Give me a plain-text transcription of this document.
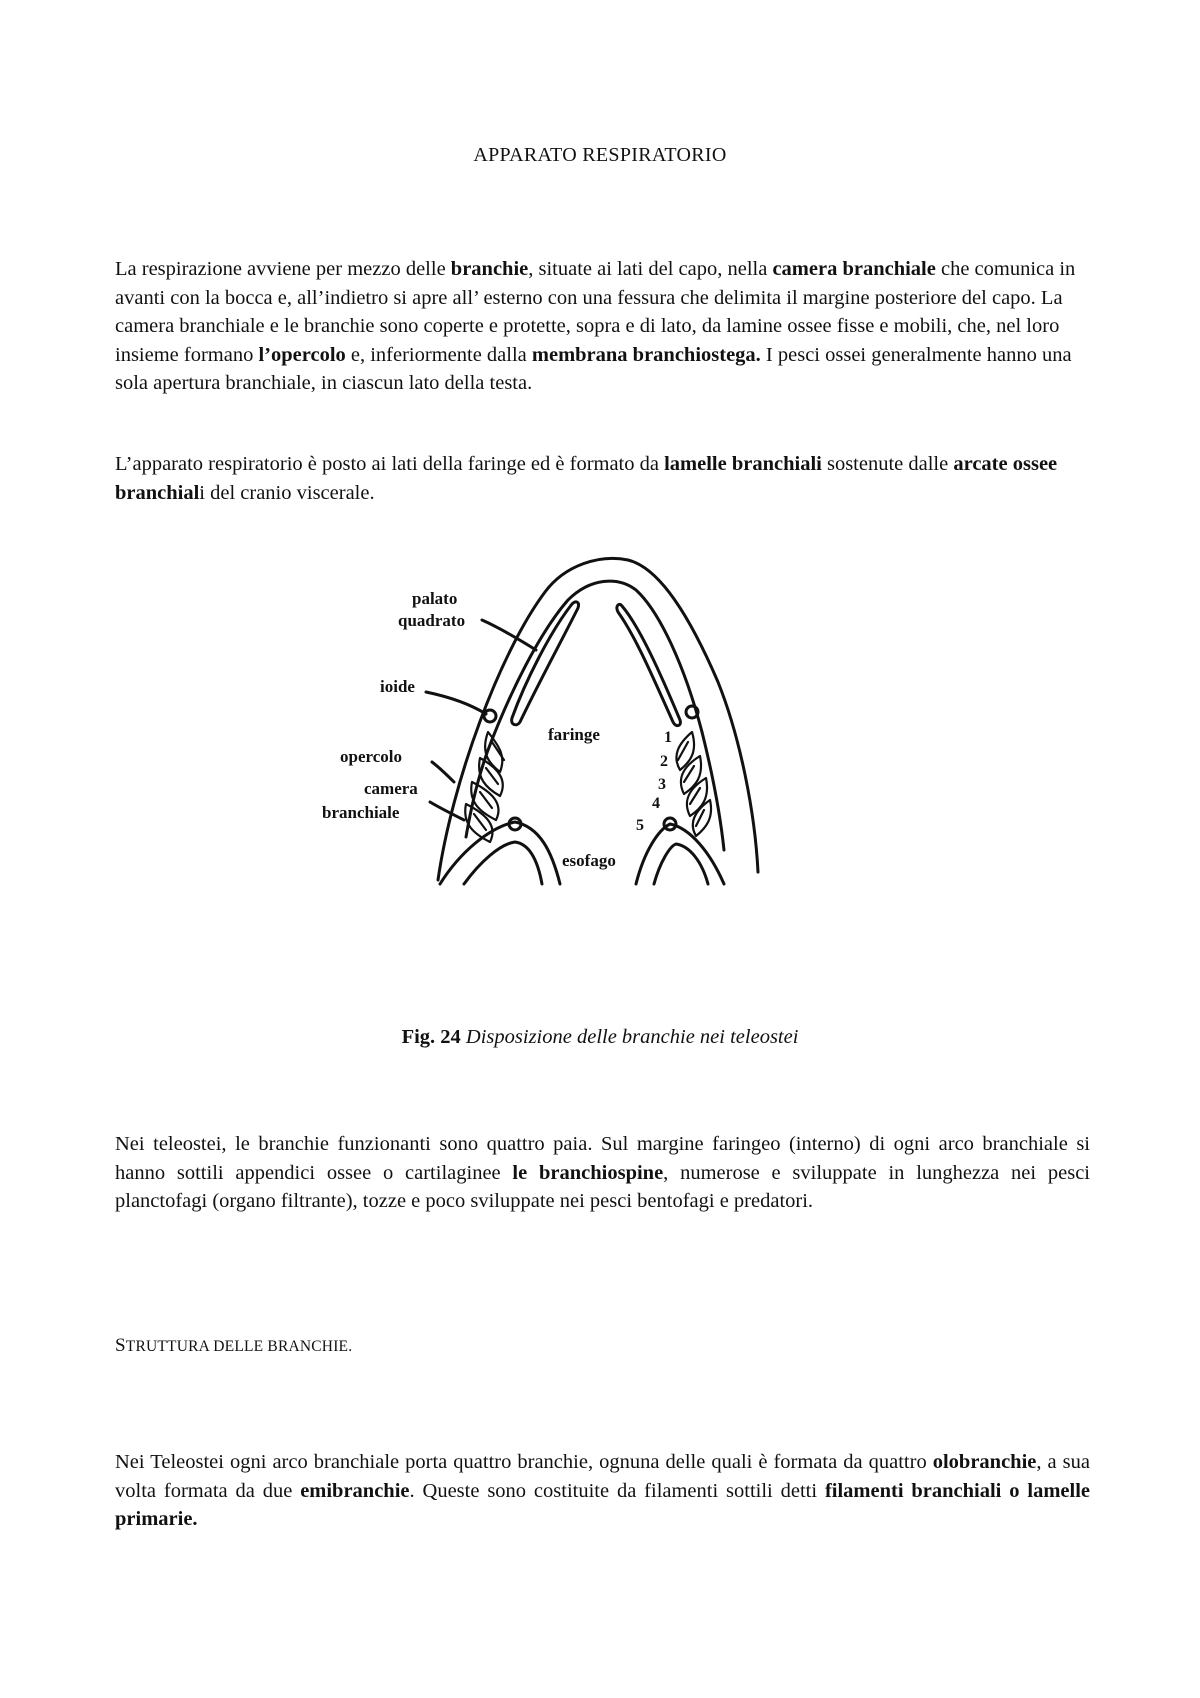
APPARATO RESPIRATORIO

La respirazione avviene per mezzo delle branchie, situate ai lati del capo, nella camera branchiale che comunica in avanti con la bocca e, all’indietro si apre all’ esterno con una fessura che delimita il margine posteriore del capo. La camera branchiale e le branchie sono coperte e protette, sopra e di lato, da lamine ossee fisse e mobili, che, nel loro insieme formano l’opercolo e, inferiormente dalla membrana branchiostega. I pesci ossei generalmente hanno una sola apertura branchiale, in ciascun lato della testa.

L’apparato respiratorio è posto ai lati della faringe ed è formato da lamelle branchiali sostenute dalle arcate ossee branchiali del cranio viscerale.

palato
quadrato
ioide
faringe
opercolo
camera
branchiale
esofago
1
2
3
4
5
Fig. 24 Disposizione delle branchie nei teleostei

Nei teleostei, le branchie funzionanti sono quattro paia. Sul margine faringeo (interno) di ogni arco branchiale si hanno sottili appendici ossee o cartilaginee le branchiospine, numerose e sviluppate in lunghezza nei pesci planctofagi (organo filtrante), tozze e poco sviluppate nei pesci bentofagi e predatori.

STRUTTURA DELLE BRANCHIE.

Nei Teleostei ogni arco branchiale porta quattro branchie, ognuna delle quali è formata da quattro olobranchie, a sua volta formata da due emibranchie. Queste sono costituite da filamenti sottili detti filamenti branchiali o lamelle primarie.
